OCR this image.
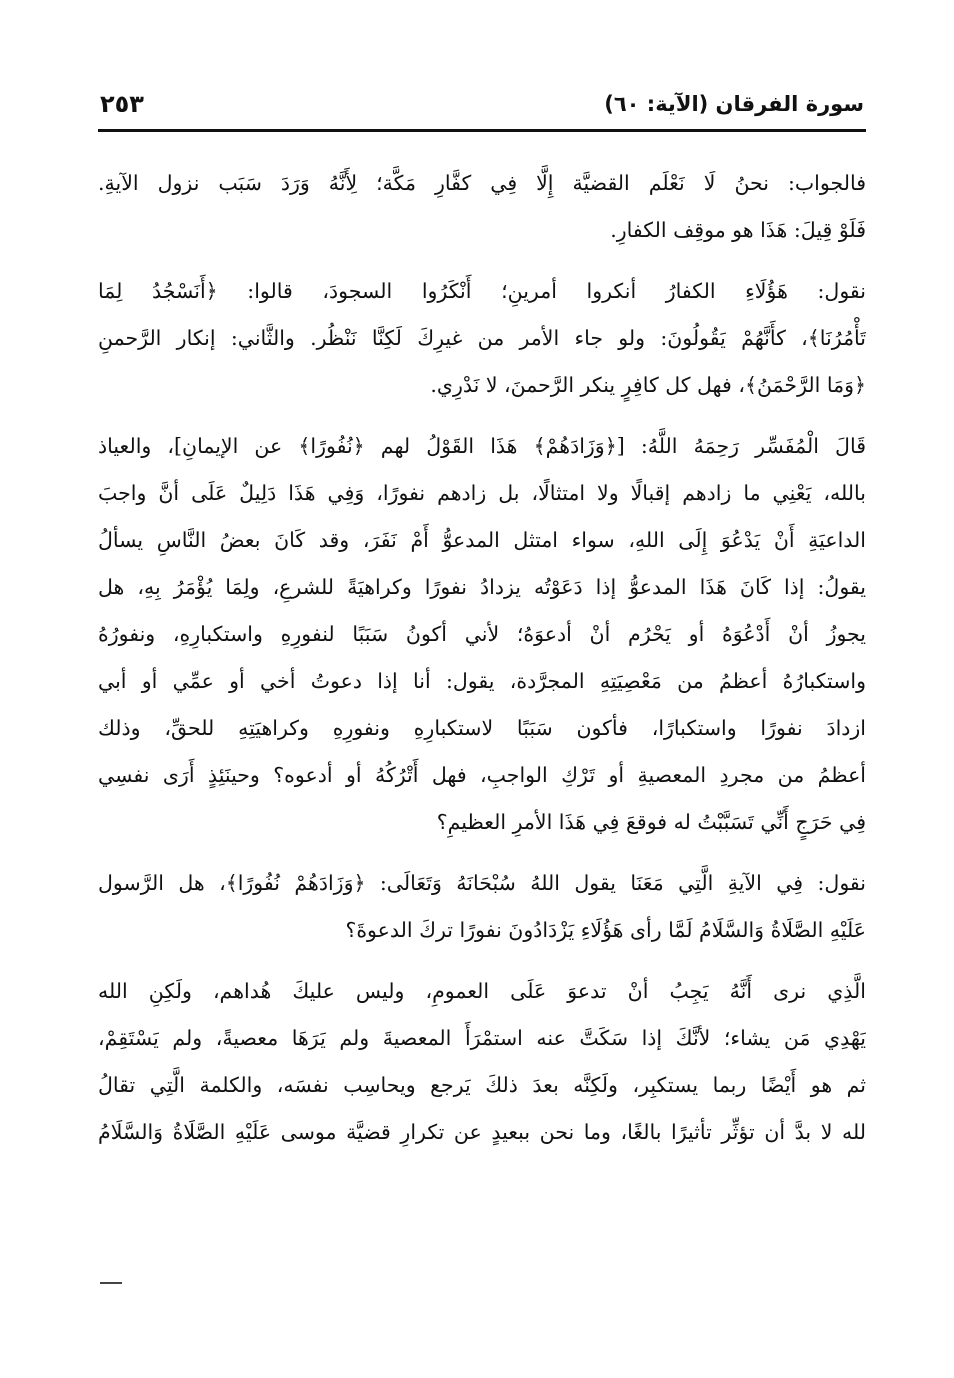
سورة الفرقان (الآية: ٦٠)
٢٥٣
فالجواب: نحنُ لَا نَعْلَم القضيَّة إِلَّا فِي كفَّارِ مَكَّة؛ لِأَنَّهُ وَرَدَ سَبَب نزول الآيةِ.
فَلَوْ قِيلَ: هَذَا هو موقِف الكفارِ.
نقول: هَؤُلَاءِ الكفارُ أنكروا أمرينِ؛ أَنْكَرُوا السجودَ، قالوا: ﴿أَنَسْجُدُ لِمَا
تَأْمُرُنَا﴾، كأَنَّهُمْ يَقُولُونَ: ولو جاء الأمر من غيرِكَ لَكِنَّا نَنْظُر. والثَّاني: إنكار الرَّحمنِ
﴿وَمَا الرَّحْمَنُ﴾، فهل كل كافِرٍ ينكر الرَّحمنَ، لا نَدْرِي.
قَالَ الْمُفَسِّر رَحِمَهُ اللَّهُ: [﴿وَزَادَهُمْ﴾ هَذَا القَوْلُ لهم ﴿نُفُورًا﴾ عن الإيمانِ]، والعياذ
بالله، يَعْنِي ما زادهم إقبالًا ولا امتثالًا، بل زادهم نفورًا، وَفِي هَذَا دَلِيلٌ عَلَى أنَّ واجبَ
الداعيَةِ أَنْ يَدْعُوَ إِلَى اللهِ، سواء امتثل المدعوُّ أَمْ نَفَرَ، وقد كَانَ بعضُ النَّاسِ يسألُ
يقولُ: إذا كَانَ هَذَا المدعوُّ إذا دَعَوْتُه يزدادُ نفورًا وكراهيَةً للشرعِ، ولِمَا يُؤْمَرُ بِهِ، هل
يجوزُ أنْ أَدْعُوَهُ أو يَحْرُم أنْ أدعوَهُ؛ لأني أكونُ سَبَبًا لنفورِهِ واستكبارِهِ، ونفورُهُ
واستكبارُهُ أعظمُ من مَعْصِيَتِهِ المجرَّدة، يقول: أنا إذا دعوتُ أخي أو عمِّي أو أبي
ازدادَ نفورًا واستكبارًا، فأكون سَبَبًا لاستكبارِهِ ونفورِهِ وكراهيَتِهِ للحقِّ، وذلك
أعظمُ من مجردِ المعصيةِ أو تَرْكِ الواجبِ، فهل أَتْرُكُهُ أو أدعوه؟ وحينَئِذٍ أَرَى نفسِي
فِي حَرَجٍ أَنِّي تَسَبَّبْتُ له فوقعَ فِي هَذَا الأمرِ العظيمِ؟
نقول: فِي الآيةِ الَّتِي مَعَنَا يقول اللهُ سُبْحَانَهُ وَتَعَالَى: ﴿وَزَادَهُمْ نُفُورًا﴾، هل الرَّسول
عَلَيْهِ الصَّلَاةُ وَالسَّلَامُ لَمَّا رأى هَؤُلَاءِ يَزْدَادُونَ نفورًا تركَ الدعوةَ؟
الَّذِي نرى أَنَّهُ يَجِبُ أنْ تدعوَ عَلَى العمومِ، وليس عليكَ هُداهم، ولَكِنِ الله
يَهْدِي مَن يشاء؛ لأنَّكَ إذا سَكَتَّ عنه استمْرَأَ المعصيةَ ولم يَرَهَا معصيةً، ولم يَسْتَقِمْ،
ثم هو أَيْضًا ربما يستكبِر، ولَكِنَّه بعدَ ذلكَ يَرجع ويحاسِب نفسَه، والكلمة الَّتِي تقالُ
لله لا بدَّ أن تؤثِّر تأثيرًا بالغًا، وما نحن ببعيدٍ عن تكرارِ قضيَّة موسى عَلَيْهِ الصَّلَاةُ وَالسَّلَامُ
